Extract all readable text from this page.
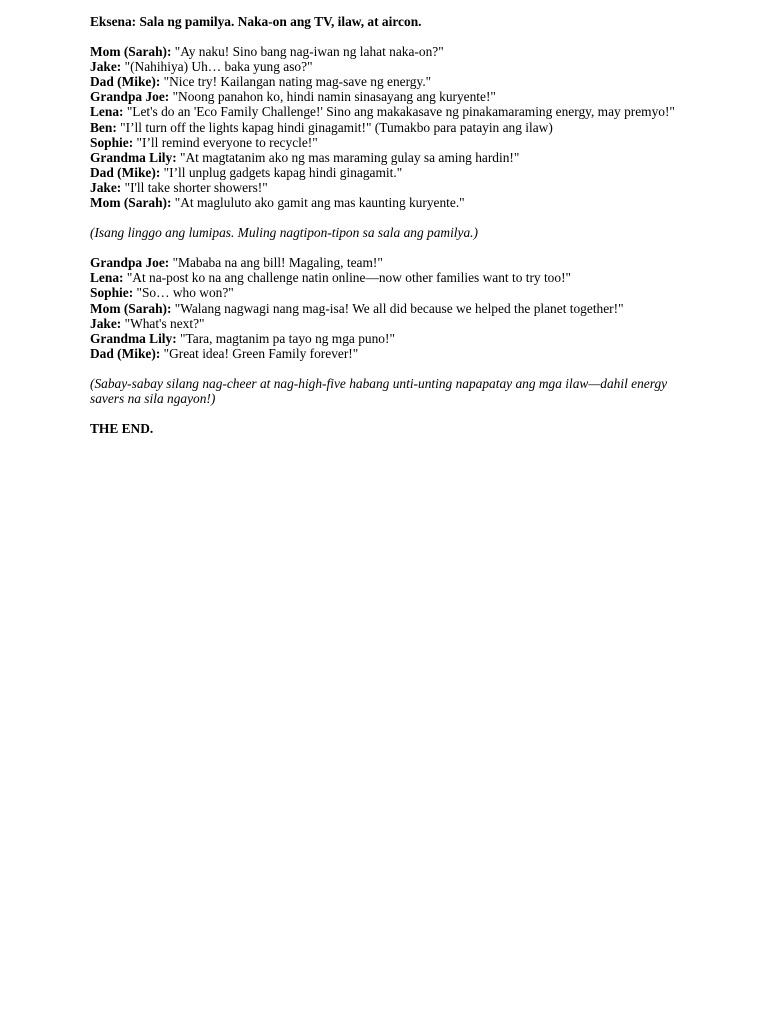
Eksena: Sala ng pamilya. Naka-on ang TV, ilaw, at aircon.

Mom (Sarah): "Ay naku! Sino bang nag-iwan ng lahat naka-on?"

Jake: "(Nahihiya) Uh… baka yung aso?"

Dad (Mike): "Nice try! Kailangan nating mag-save ng energy."

Grandpa Joe: "Noong panahon ko, hindi namin sinasayang ang kuryente!"

Lena: "Let's do an 'Eco Family Challenge!' Sino ang makakasave ng pinakamaraming energy, may premyo!"

Ben: "I’ll turn off the lights kapag hindi ginagamit!" (Tumakbo para patayin ang ilaw)

Sophie: "I’ll remind everyone to recycle!"

Grandma Lily: "At magtatanim ako ng mas maraming gulay sa aming hardin!"

Dad (Mike): "I’ll unplug gadgets kapag hindi ginagamit."

Jake: "I'll take shorter showers!"

Mom (Sarah): "At magluluto ako gamit ang mas kaunting kuryente."

(Isang linggo ang lumipas. Muling nagtipon-tipon sa sala ang pamilya.)

Grandpa Joe: "Mababa na ang bill! Magaling, team!"

Lena: "At na-post ko na ang challenge natin online—now other families want to try too!"

Sophie: "So… who won?"

Mom (Sarah): "Walang nagwagi nang mag-isa! We all did because we helped the planet together!"

Jake: "What's next?"

Grandma Lily: "Tara, magtanim pa tayo ng mga puno!"

Dad (Mike): "Great idea! Green Family forever!"

(Sabay-sabay silang nag-cheer at nag-high-five habang unti-unting napapatay ang mga ilaw—dahil energy savers na sila ngayon!)

THE END.
